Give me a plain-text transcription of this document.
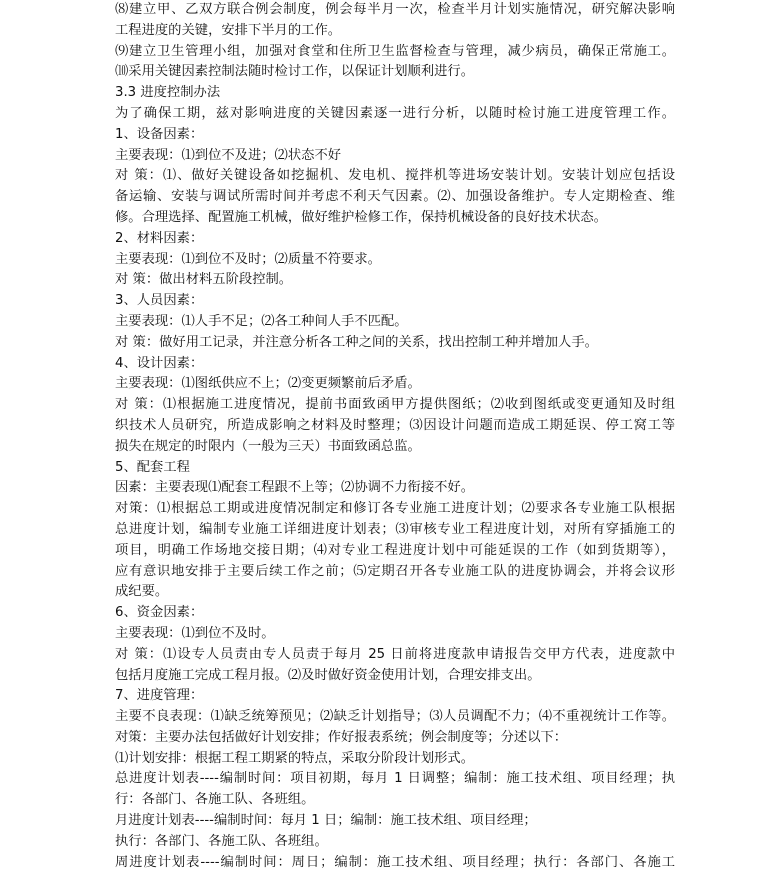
⑻建立甲、乙双方联合例会制度，例会每半月一次，检查半月计划实施情况，研究解决影响
工程进度的关键，安排下半月的工作。
⑼建立卫生管理小组，加强对食堂和住所卫生监督检查与管理，减少病员，确保正常施工。
⑽采用关键因素控制法随时检讨工作，以保证计划顺利进行。
3.3 进度控制办法
为了确保工期，兹对影响进度的关键因素逐一进行分析，以随时检讨施工进度管理工作。
1、设备因素：
主要表现：⑴到位不及进；⑵状态不好
对 策：⑴、做好关键设备如挖掘机、发电机、搅拌机等进场安装计划。安装计划应包括设
备运输、安装与调试所需时间并考虑不利天气因素。⑵、加强设备维护。专人定期检查、维
修。合理选择、配置施工机械，做好维护检修工作，保持机械设备的良好技术状态。
2、材料因素：
主要表现：⑴到位不及时；⑵质量不符要求。
对 策：做出材料五阶段控制。
3、人员因素：
主要表现：⑴人手不足；⑵各工种间人手不匹配。
对 策：做好用工记录，并注意分析各工种之间的关系，找出控制工种并增加人手。
4、设计因素：
主要表现：⑴图纸供应不上；⑵变更频繁前后矛盾。
对 策：⑴根据施工进度情况，提前书面致函甲方提供图纸；⑵收到图纸或变更通知及时组
织技术人员研究，所造成影响之材料及时整理；⑶因设计问题而造成工期延误、停工窝工等
损失在规定的时限内（一般为三天）书面致函总监。
5、配套工程
因素：主要表现⑴配套工程跟不上等；⑵协调不力衔接不好。
对策：⑴根据总工期或进度情况制定和修订各专业施工进度计划；⑵要求各专业施工队根据
总进度计划，编制专业施工详细进度计划表；⑶审核专业工程进度计划，对所有穿插施工的
项目，明确工作场地交接日期；⑷对专业工程进度计划中可能延误的工作（如到货期等），
应有意识地安排于主要后续工作之前；⑸定期召开各专业施工队的进度协调会，并将会议形
成纪要。
6、资金因素：
主要表现：⑴到位不及时。
对 策：⑴设专人员责由专人员责于每月 25 日前将进度款申请报告交甲方代表，进度款中
包括月度施工完成工程月报。⑵及时做好资金使用计划，合理安排支出。
7、进度管理：
主要不良表现：⑴缺乏统筹预见；⑵缺乏计划指导；⑶人员调配不力；⑷不重视统计工作等。
对策：主要办法包括做好计划安排；作好报表系统；例会制度等；分述以下：
⑴计划安排：根据工程工期紧的特点，采取分阶段计划形式。
总进度计划表----编制时间：项目初期，每月 1 日调整；编制：施工技术组、项目经理；执
行：各部门、各施工队、各班组。
月进度计划表----编制时间：每月 1 日；编制：施工技术组、项目经理；
执行：各部门、各施工队、各班组。
周进度计划表----编制时间：周日；编制：施工技术组、项目经理；执行：各部门、各施工
